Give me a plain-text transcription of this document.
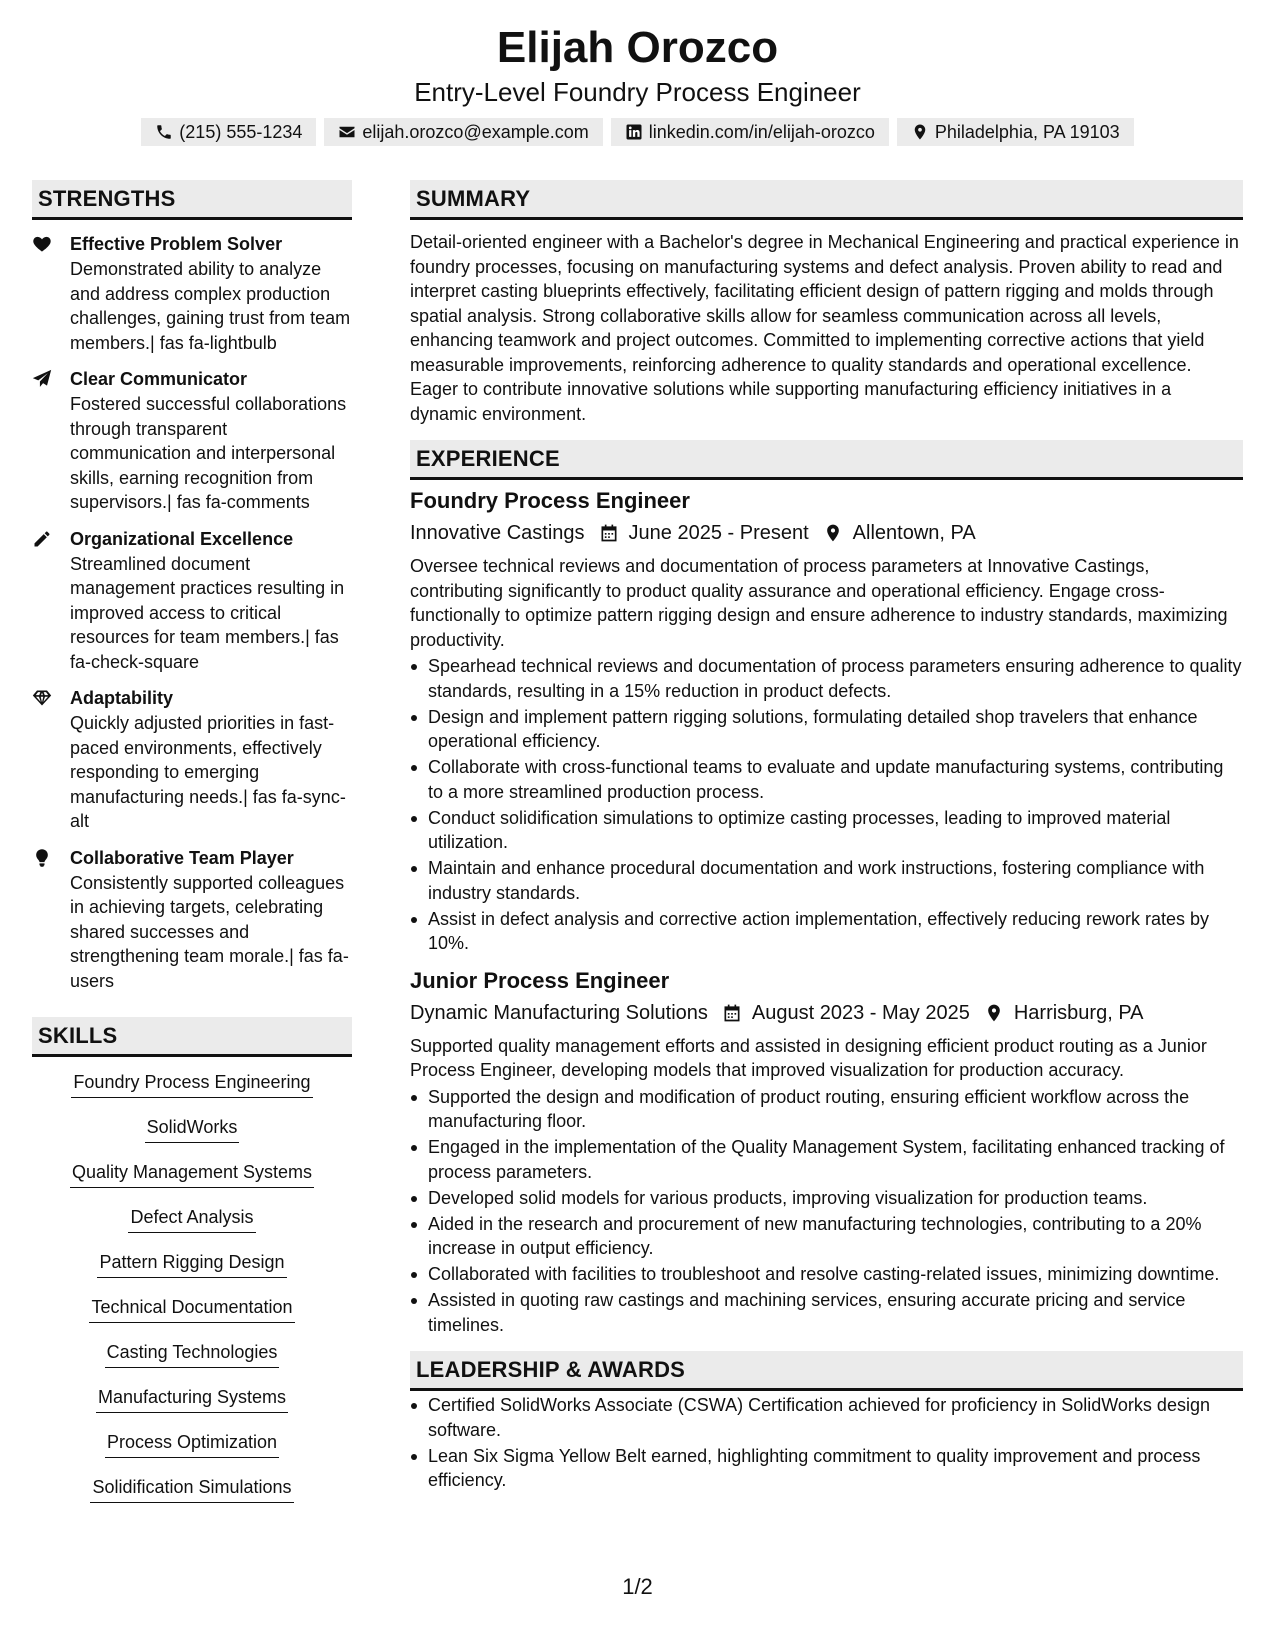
Elijah Orozco
Entry-Level Foundry Process Engineer
(215) 555-1234	elijah.orozco@example.com	linkedin.com/in/elijah-orozco	Philadelphia, PA 19103
STRENGTHS
Effective Problem Solver
Demonstrated ability to analyze and address complex production challenges, gaining trust from team members.| fas fa-lightbulb
Clear Communicator
Fostered successful collaborations through transparent communication and interpersonal skills, earning recognition from supervisors.| fas fa-comments
Organizational Excellence
Streamlined document management practices resulting in improved access to critical resources for team members.| fas fa-check-square
Adaptability
Quickly adjusted priorities in fast-paced environments, effectively responding to emerging manufacturing needs.| fas fa-sync-alt
Collaborative Team Player
Consistently supported colleagues in achieving targets, celebrating shared successes and strengthening team morale.| fas fa-users
SKILLS
Foundry Process Engineering
SolidWorks
Quality Management Systems
Defect Analysis
Pattern Rigging Design
Technical Documentation
Casting Technologies
Manufacturing Systems
Process Optimization
Solidification Simulations
SUMMARY
Detail-oriented engineer with a Bachelor's degree in Mechanical Engineering and practical experience in foundry processes, focusing on manufacturing systems and defect analysis. Proven ability to read and interpret casting blueprints effectively, facilitating efficient design of pattern rigging and molds through spatial analysis. Strong collaborative skills allow for seamless communication across all levels, enhancing teamwork and project outcomes. Committed to implementing corrective actions that yield measurable improvements, reinforcing adherence to quality standards and operational excellence. Eager to contribute innovative solutions while supporting manufacturing efficiency initiatives in a dynamic environment.
EXPERIENCE
Foundry Process Engineer
Innovative Castings June 2025 - Present Allentown, PA
Oversee technical reviews and documentation of process parameters at Innovative Castings, contributing significantly to product quality assurance and operational efficiency. Engage cross-functionally to optimize pattern rigging design and ensure adherence to industry standards, maximizing productivity.
Spearhead technical reviews and documentation of process parameters ensuring adherence to quality standards, resulting in a 15% reduction in product defects.
Design and implement pattern rigging solutions, formulating detailed shop travelers that enhance operational efficiency.
Collaborate with cross-functional teams to evaluate and update manufacturing systems, contributing to a more streamlined production process.
Conduct solidification simulations to optimize casting processes, leading to improved material utilization.
Maintain and enhance procedural documentation and work instructions, fostering compliance with industry standards.
Assist in defect analysis and corrective action implementation, effectively reducing rework rates by 10%.
Junior Process Engineer
Dynamic Manufacturing Solutions August 2023 - May 2025 Harrisburg, PA
Supported quality management efforts and assisted in designing efficient product routing as a Junior Process Engineer, developing models that improved visualization for production accuracy.
Supported the design and modification of product routing, ensuring efficient workflow across the manufacturing floor.
Engaged in the implementation of the Quality Management System, facilitating enhanced tracking of process parameters.
Developed solid models for various products, improving visualization for production teams.
Aided in the research and procurement of new manufacturing technologies, contributing to a 20% increase in output efficiency.
Collaborated with facilities to troubleshoot and resolve casting-related issues, minimizing downtime.
Assisted in quoting raw castings and machining services, ensuring accurate pricing and service timelines.
LEADERSHIP & AWARDS
Certified SolidWorks Associate (CSWA) Certification achieved for proficiency in SolidWorks design software.
Lean Six Sigma Yellow Belt earned, highlighting commitment to quality improvement and process efficiency.
1/2
